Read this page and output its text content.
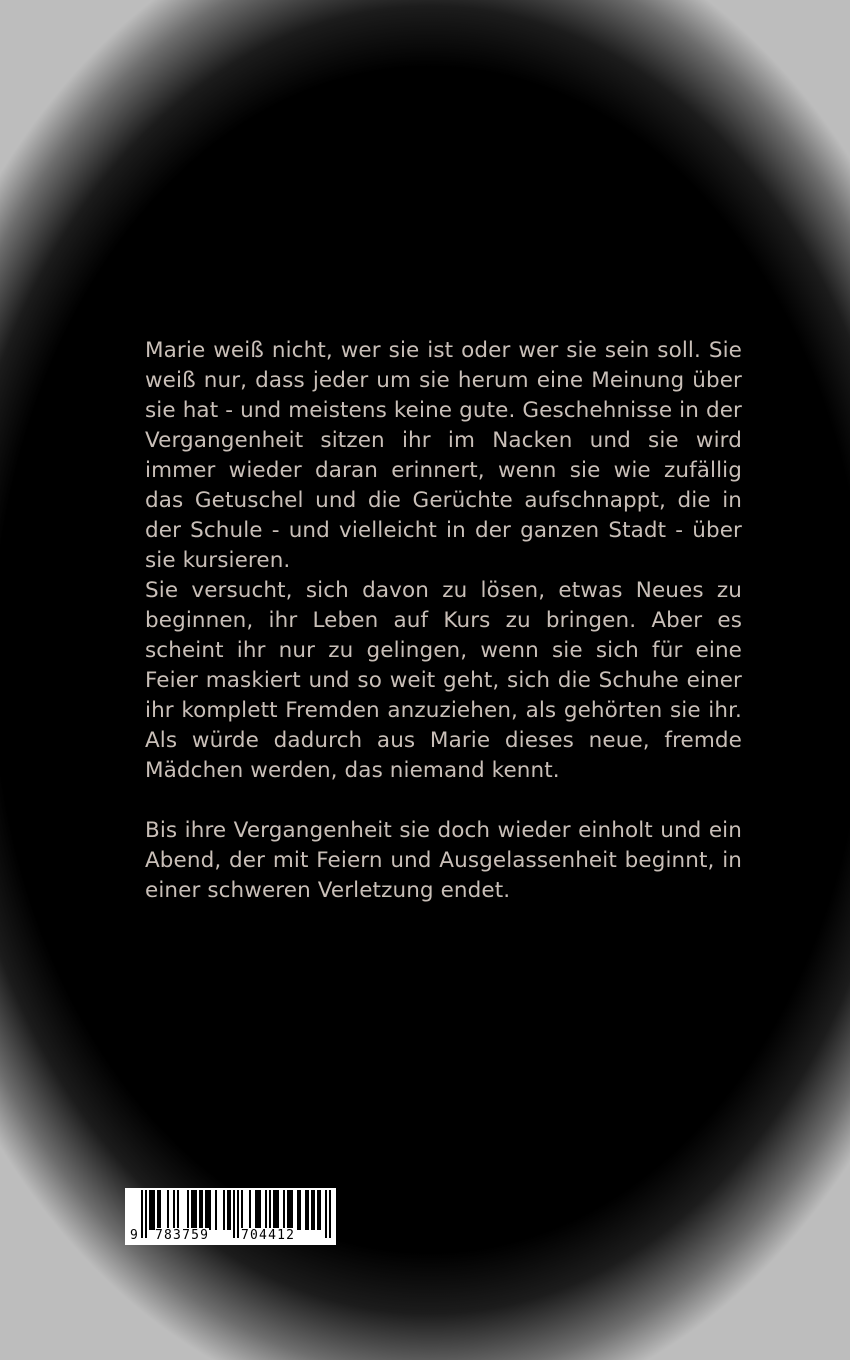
Marie weiß nicht, wer sie ist oder wer sie sein soll. Sie weiß nur, dass jeder um sie herum eine Meinung über sie hat - und meistens keine gute. Geschehnisse in der Vergangenheit sitzen ihr im Nacken und sie wird immer wieder daran erinnert, wenn sie wie zufällig das Getuschel und die Gerüchte aufschnappt, die in der Schule - und vielleicht in der ganzen Stadt - über sie kursieren.

Sie versucht, sich davon zu lösen, etwas Neues zu beginnen, ihr Leben auf Kurs zu bringen. Aber es scheint ihr nur zu gelingen, wenn sie sich für eine Feier maskiert und so weit geht, sich die Schuhe einer ihr komplett Fremden anzuziehen, als gehörten sie ihr. Als würde dadurch aus Marie dieses neue, fremde Mädchen werden, das niemand kennt.

Bis ihre Vergangenheit sie doch wieder einholt und ein Abend, der mit Feiern und Ausgelassenheit beginnt, in einer schweren Verletzung endet.

9 783759 704412
